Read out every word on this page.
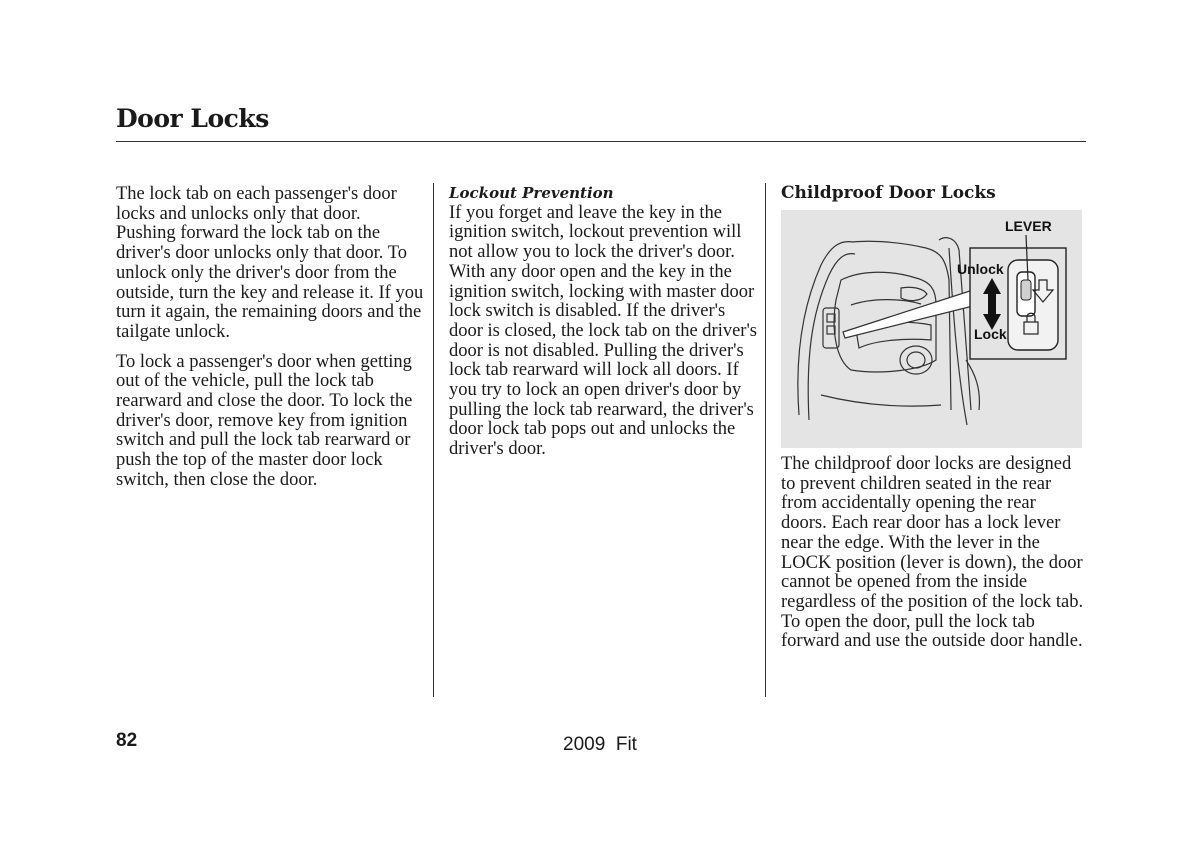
Door Locks

The lock tab on each passenger's door locks and unlocks only that door. Pushing forward the lock tab on the driver's door unlocks only that door. To unlock only the driver's door from the outside, turn the key and release it. If you turn it again, the remaining doors and the tailgate unlock.

To lock a passenger's door when getting out of the vehicle, pull the lock tab rearward and close the door. To lock the driver's door, remove key from ignition switch and pull the lock tab rearward or push the top of the master door lock switch, then close the door.

Lockout Prevention

If you forget and leave the key in the ignition switch, lockout prevention will not allow you to lock the driver's door. With any door open and the key in the ignition switch, locking with master door lock switch is disabled. If the driver's door is closed, the lock tab on the driver's door is not disabled. Pulling the driver's lock tab rearward will lock all doors. If you try to lock an open driver's door by pulling the lock tab rearward, the driver's door lock tab pops out and unlocks the driver's door.

Childproof Door Locks
LEVER
Unlock
Lock

The childproof door locks are designed to prevent children seated in the rear from accidentally opening the rear doors. Each rear door has a lock lever near the edge. With the lever in the LOCK position (lever is down), the door cannot be opened from the inside regardless of the position of the lock tab. To open the door, pull the lock tab forward and use the outside door handle.

82	2009  Fit
